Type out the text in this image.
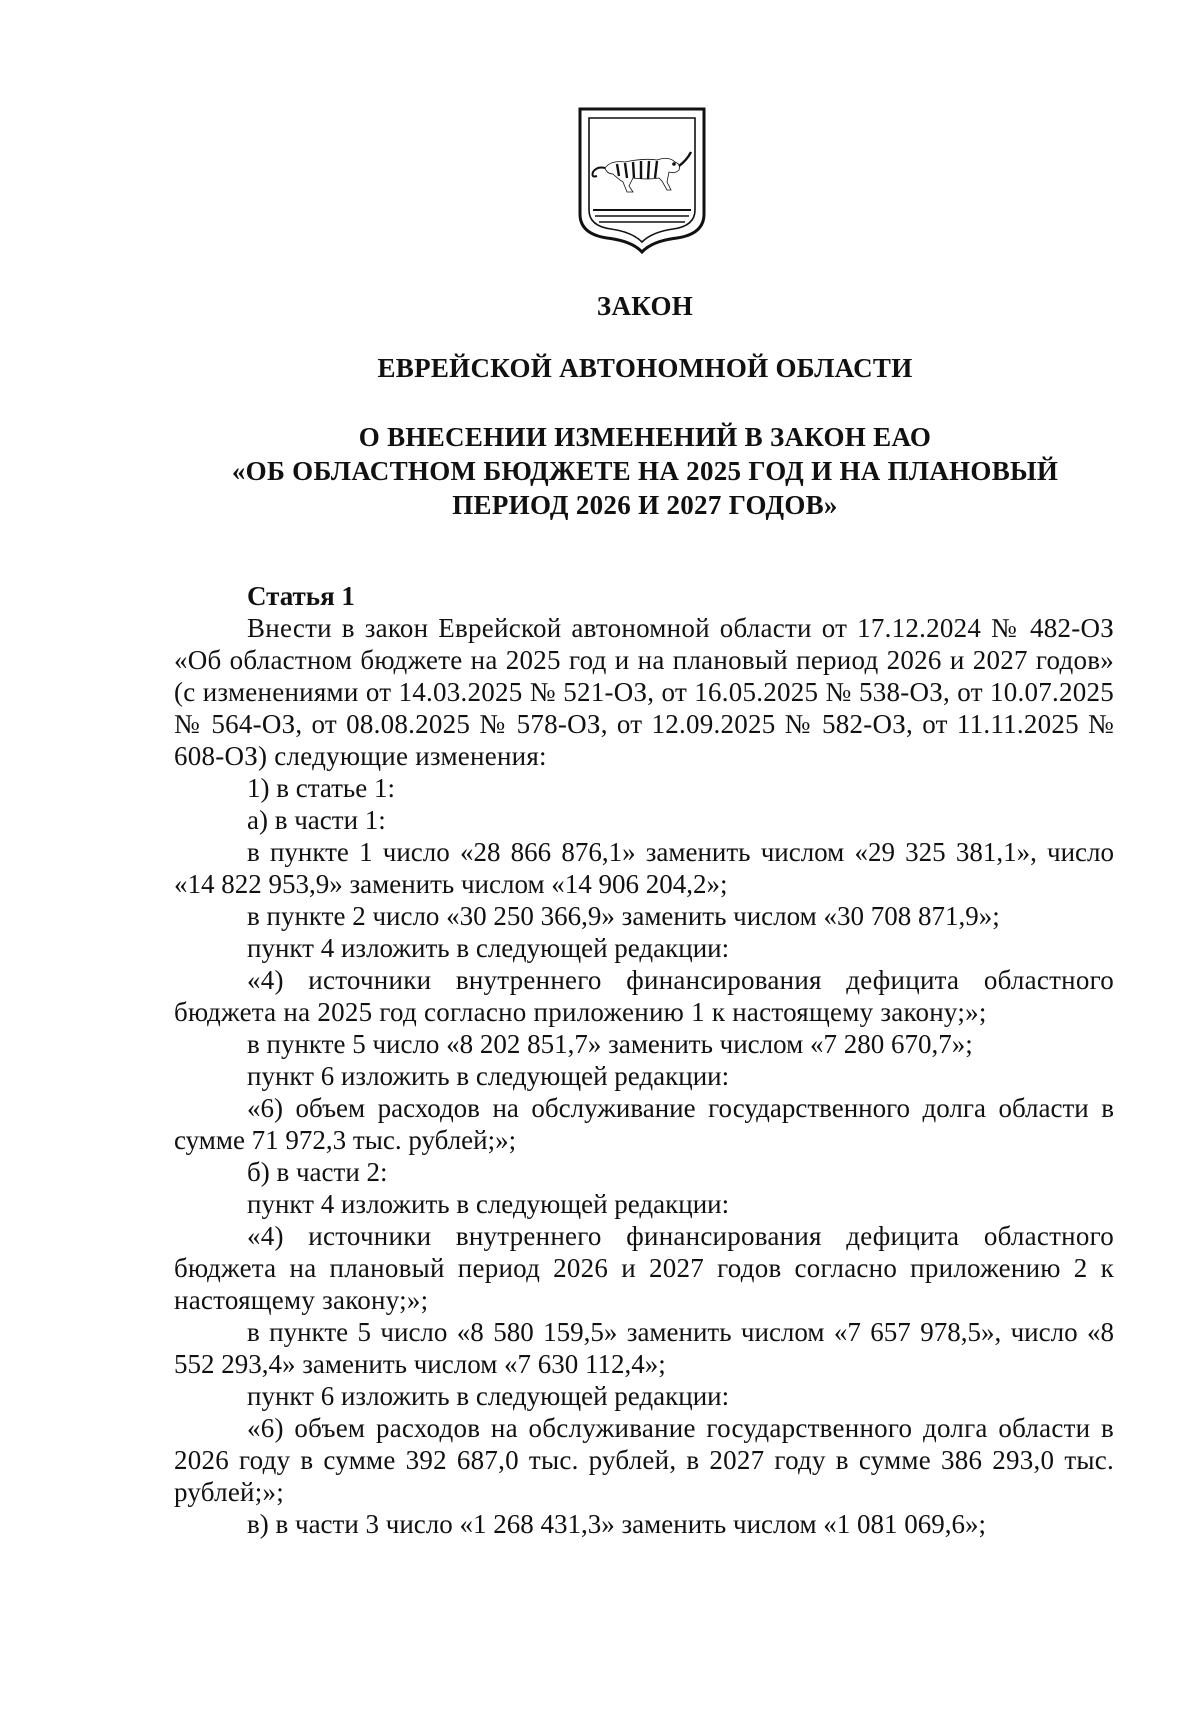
ЗАКОН
ЕВРЕЙСКОЙ АВТОНОМНОЙ ОБЛАСТИ
О ВНЕСЕНИИ ИЗМЕНЕНИЙ В ЗАКОН ЕАО
«ОБ ОБЛАСТНОМ БЮДЖЕТЕ НА 2025 ГОД И НА ПЛАНОВЫЙ
ПЕРИОД 2026 И 2027 ГОДОВ»

Статья 1

Внести в закон Еврейской автономной области от 17.12.2024 № 482-ОЗ «Об областном бюджете на 2025 год и на плановый период 2026 и 2027 годов» (с изменениями от 14.03.2025 № 521-ОЗ, от 16.05.2025 № 538-ОЗ, от 10.07.2025 № 564-ОЗ, от 08.08.2025 № 578-ОЗ, от 12.09.2025 № 582-ОЗ, от 11.11.2025 № 608-ОЗ) следующие изменения:

1) в статье 1:

а) в части 1:

в пункте 1 число «28 866 876,1» заменить числом «29 325 381,1», число «14 822 953,9» заменить числом «14 906 204,2»;

в пункте 2 число «30 250 366,9» заменить числом «30 708 871,9»;

пункт 4 изложить в следующей редакции:

«4) источники внутреннего финансирования дефицита областного бюджета на 2025 год согласно приложению 1 к настоящему закону;»;

в пункте 5 число «8 202 851,7» заменить числом «7 280 670,7»;

пункт 6 изложить в следующей редакции:

«6) объем расходов на обслуживание государственного долга области в сумме 71 972,3 тыс. рублей;»;

б) в части 2:

пункт 4 изложить в следующей редакции:

«4) источники внутреннего финансирования дефицита областного бюджета на плановый период 2026 и 2027 годов согласно приложению 2 к настоящему закону;»;

в пункте 5 число «8 580 159,5» заменить числом «7 657 978,5», число «8 552 293,4» заменить числом «7 630 112,4»;

пункт 6 изложить в следующей редакции:

«6) объем расходов на обслуживание государственного долга области в 2026 году в сумме 392 687,0 тыс. рублей, в 2027 году в сумме 386 293,0 тыс. рублей;»;

в) в части 3 число «1 268 431,3» заменить числом «1 081 069,6»;
